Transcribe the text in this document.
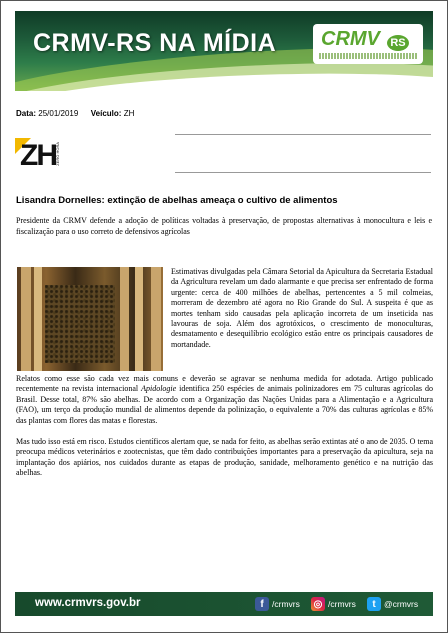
CRMV-RS NA MÍDIA CRMV RS
Data: 25/01/2019 Veículo: ZH
ZH ZERO HORA
Lisandra Dornelles: extinção de abelhas ameaça o cultivo de alimentos
Presidente da CRMV defende a adoção de políticas voltadas à preservação, de propostas alternativas à monocultura e leis e fiscalização para o uso correto de defensivos agrícolas
Estimativas divulgadas pela Câmara Setorial da Apicultura da Secretaria Estadual da Agricultura revelam um dado alarmante e que precisa ser enfrentado de forma urgente: cerca de 400 milhões de abelhas, pertencentes a 5 mil colmeias, morreram de dezembro até agora no Rio Grande do Sul. A suspeita é que as mortes tenham sido causadas pela aplicação incorreta de um inseticida nas lavouras de soja. Além dos agrotóxicos, o crescimento de monoculturas, desmatamento e desequilíbrio ecológico estão entre os principais causadores de mortandade.
Relatos como esse são cada vez mais comuns e deverão se agravar se nenhuma medida for adotada. Artigo publicado recentemente na revista internacional Apidologie identifica 250 espécies de animais polinizadores em 75 culturas agrícolas do Brasil. Desse total, 87% são abelhas. De acordo com a Organização das Nações Unidas para a Alimentação e a Agricultura (FAO), um terço da produção mundial de alimentos depende da polinização, o equivalente a 70% das culturas agrícolas e 85% das plantas com flores das matas e florestas.
Mas tudo isso está em risco. Estudos científicos alertam que, se nada for feito, as abelhas serão extintas até o ano de 2035. O tema preocupa médicos veterinários e zootecnistas, que têm dado contribuições importantes para a preservação da apicultura, seja na implantação dos apiários, nos cuidados durante as etapas de produção, sanidade, melhoramento genético e na nutrição das abelhas.
www.crmvrs.gov.br	f /crmvrs ◎ /crmvrs	t @crmvrs
